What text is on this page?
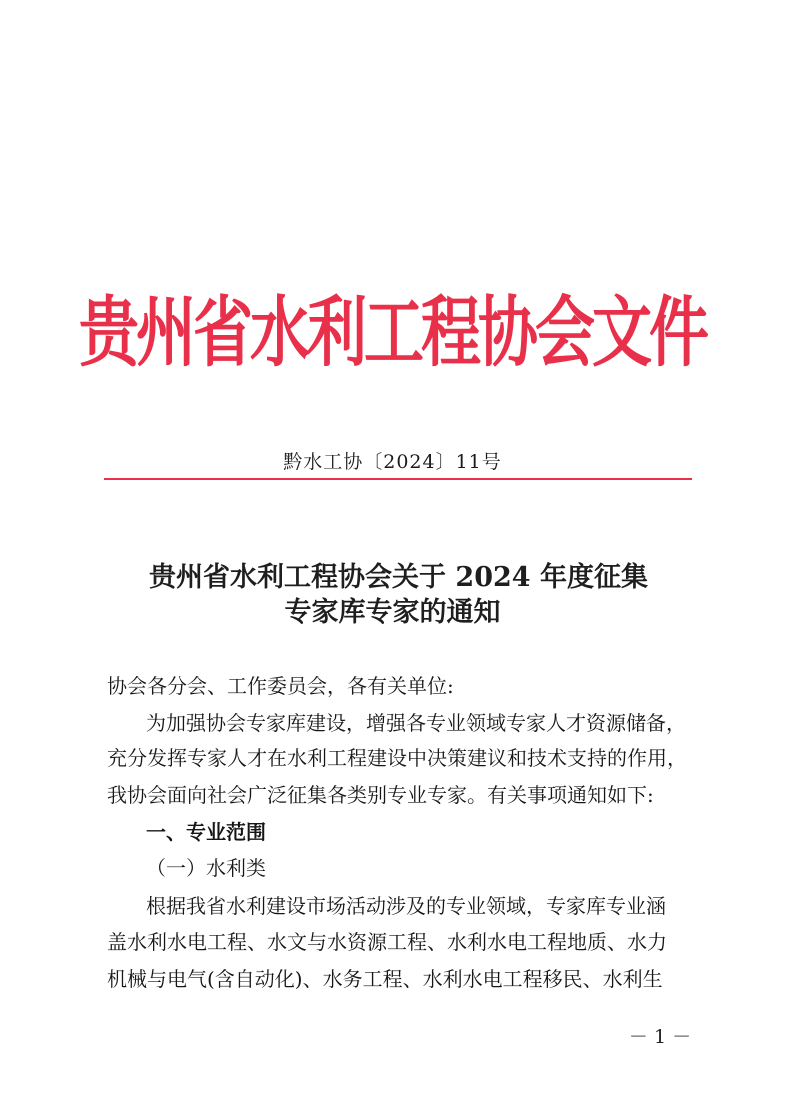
贵州省水利工程协会文件
黔水工协〔2024〕11号
贵州省水利工程协会关于 2024 年度征集
专家库专家的通知
协会各分会、工作委员会，各有关单位:
为加强协会专家库建设，增强各专业领域专家人才资源储备，
充分发挥专家人才在水利工程建设中决策建议和技术支持的作用，
我协会面向社会广泛征集各类别专业专家。有关事项通知如下:
一、专业范围
（一）水利类
根据我省水利建设市场活动涉及的专业领域，专家库专业涵
盖水利水电工程、水文与水资源工程、水利水电工程地质、水力
机械与电气(含自动化)、水务工程、水利水电工程移民、水利生
－ 1 －
